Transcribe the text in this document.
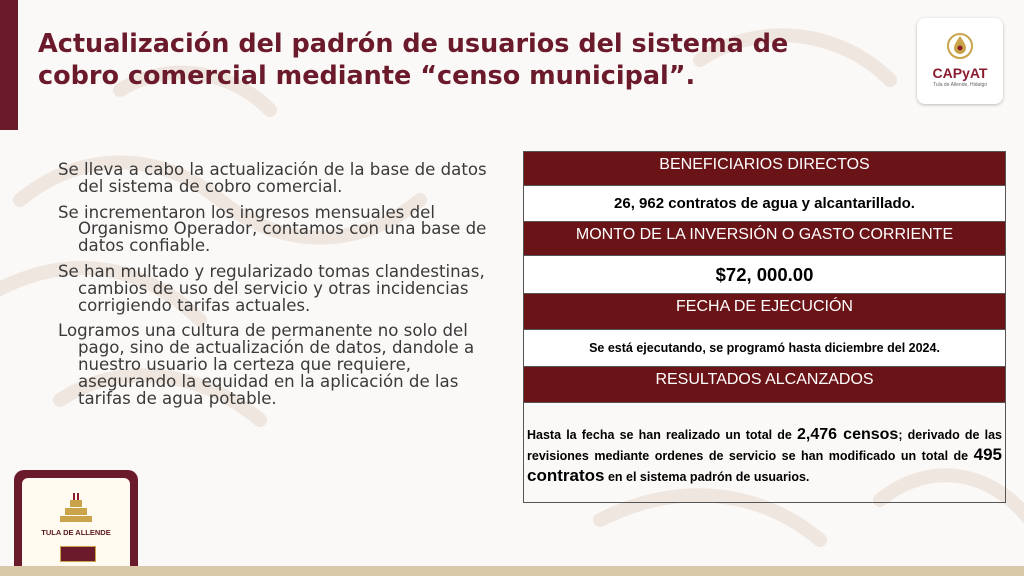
Actualización del padrón de usuarios del sistema de cobro comercial mediante “censo municipal”.	CAPyAT
Tula de Allende, Hidalgo
Se lleva a cabo la actualización de la base de datos del sistema de cobro comercial.
Se incrementaron los ingresos mensuales del Organismo Operador, contamos con una base de datos confiable.
Se han multado y regularizado tomas clandestinas, cambios de uso del servicio y otras incidencias corrigiendo tarifas actuales.
Logramos una cultura de permanente no solo del pago, sino de actualización de datos, dandole a nuestro usuario la certeza que requiere, asegurando la equidad en la aplicación de las tarifas de agua potable.
BENEFICIARIOS DIRECTOS
26, 962 contratos de agua y alcantarillado.
MONTO DE LA INVERSIÓN O GASTO CORRIENTE
$72, 000.00
FECHA DE EJECUCIÓN
Se está ejecutando, se programó hasta diciembre del 2024.
RESULTADOS ALCANZADOS
Hasta la fecha se han realizado un total de 2,476 censos; derivado de las revisiones mediante ordenes de servicio se han modificado un total de 495 contratos en el sistema padrón de usuarios.
TULA DE ALLENDE
